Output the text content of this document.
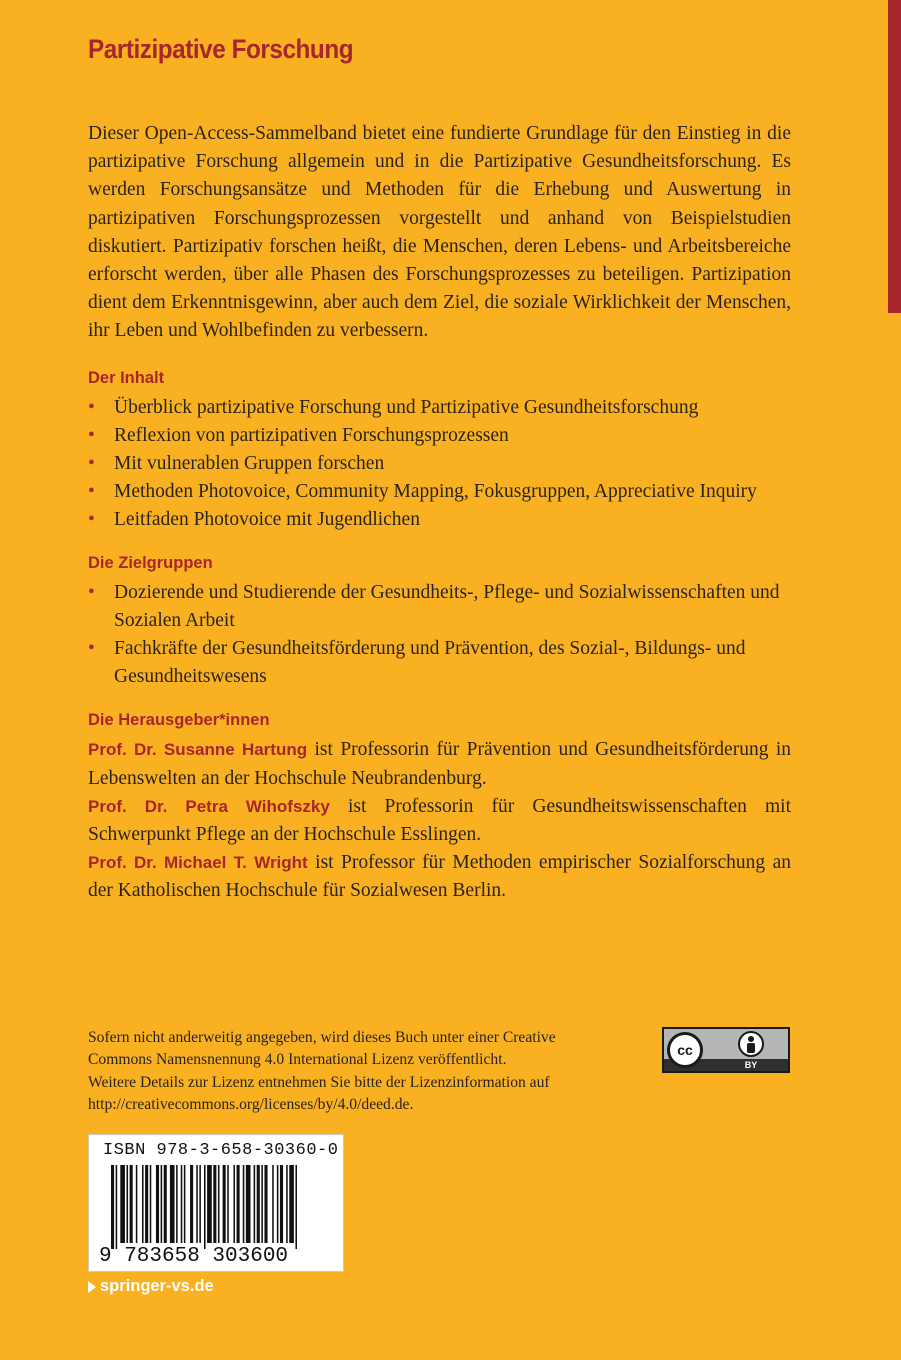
Partizipative Forschung

Dieser Open-Access-Sammelband bietet eine fundierte Grundlage für den Einstieg in die partizipative Forschung allgemein und in die Partizipative Gesundheitsforschung. Es werden Forschungsansätze und Methoden für die Erhebung und Auswertung in partizipativen Forschungsprozessen vorgestellt und anhand von Beispielstudien diskutiert. Partizipativ forschen heißt, die Menschen, deren Lebens- und Arbeitsbereiche erforscht werden, über alle Phasen des Forschungsprozesses zu beteiligen. Partizipation dient dem Erkenntnisgewinn, aber auch dem Ziel, die soziale Wirklichkeit der Menschen, ihr Leben und Wohlbefinden zu verbessern.

Der Inhalt
• Überblick partizipative Forschung und Partizipative Gesundheitsforschung
• Reflexion von partizipativen Forschungsprozessen
• Mit vulnerablen Gruppen forschen
• Methoden Photovoice, Community Mapping, Fokusgruppen, Appreciative Inquiry
• Leitfaden Photovoice mit Jugendlichen
Die Zielgruppen
• Dozierende und Studierende der Gesundheits-, Pflege- und Sozialwissenschaften und Sozialen Arbeit
• Fachkräfte der Gesundheitsförderung und Prävention, des Sozial-, Bildungs- und Gesundheitswesens
Die Herausgeber*innen

Prof. Dr. Susanne Hartung ist Professorin für Prävention und Gesundheitsförderung in Lebenswelten an der Hochschule Neubrandenburg.

Prof. Dr. Petra Wihofszky ist Professorin für Gesundheitswissenschaften mit Schwerpunkt Pflege an der Hochschule Esslingen.

Prof. Dr. Michael T. Wright ist Professor für Methoden empirischer Sozialforschung an der Katholischen Hochschule für Sozialwesen Berlin.

Sofern nicht anderweitig angegeben, wird dieses Buch unter einer Creative
Commons Namensnennung 4.0 International Lizenz veröffentlicht.
Weitere Details zur Lizenz entnehmen Sie bitte der Lizenzinformation auf
http://creativecommons.org/licenses/by/4.0/deed.de.

cc
BY
ISBN 978-3-658-30360-0
9 783658 303600
springer-vs.de
